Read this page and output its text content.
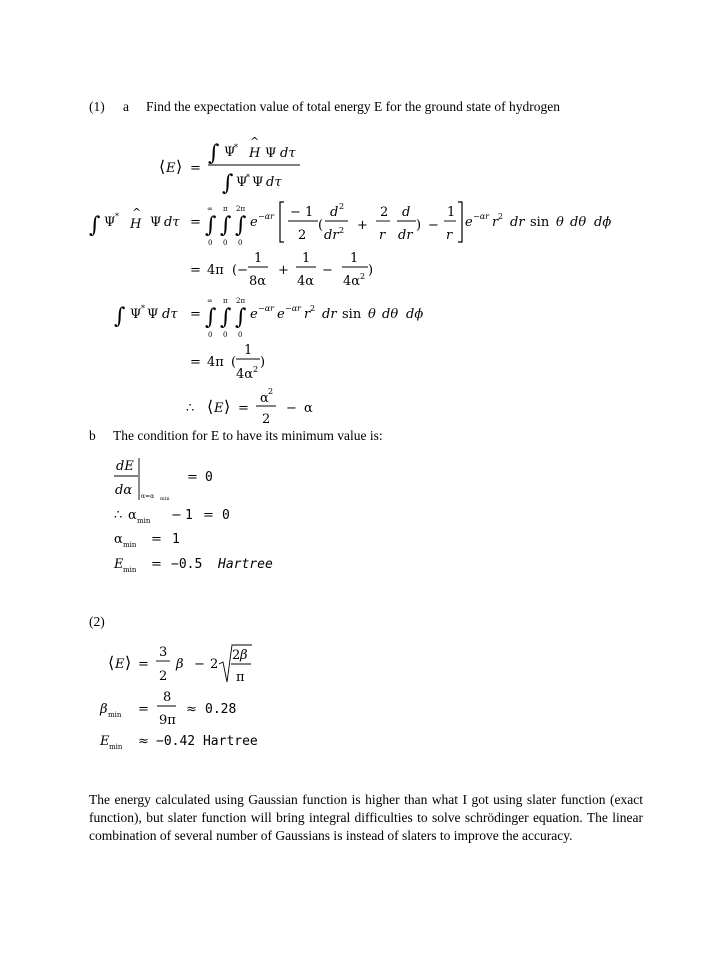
(1) a Find the expectation value of total energy E for the ground state of hydrogen
b The condition for E to have its minimum value is:
(2)
The energy calculated using Gaussian function is higher than what I got using slater function (exact function), but slater function will bring integral difficulties to solve schrödinger equation. The linear combination of several number of Gaussians is instead of slaters to improve the accuracy.
⟨ E ⟩ =
∫ Ψ
* ^
H Ψ dτ
∫ Ψ
* Ψ dτ
∫ Ψ * ^
H Ψ dτ =
∞
∫
0
π
∫
0
2π
∫
0
e −αr − 1
2
(
d 2
dr 2 +
2
r
d
dr
) −
1
r
e −αr r 2 dr sin θ dθ dϕ
= 4π (−
1
8α
+
1
4α
−
1
4α 2 )
∫ Ψ * Ψ dτ =
∞
∫
0
π
∫
0
2π
∫
0
e −αr e −αr r 2 dr sin θ dθ dϕ
= 4π (
1
4α 2 )
∴ ⟨ E ⟩ =
α 2
2
− α
dE
dα α=α min
= 0
∴ α min − 1 = 0
α min = 1
E min = −0.5 Hartree
⟨ E ⟩ =
3
2
β − 2
2 β
π
β min =
8
9π
≈ 0.28
E min ≈ −0.42 Hartree
